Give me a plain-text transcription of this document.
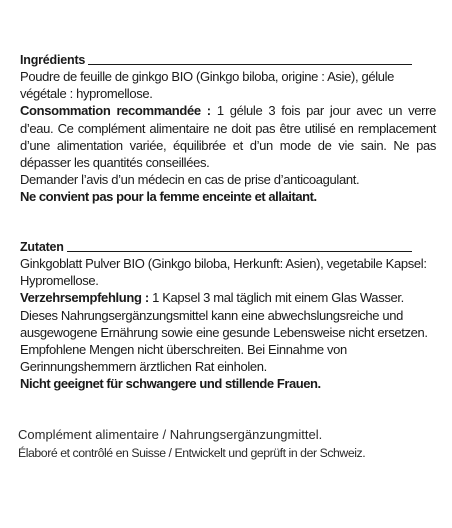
Ingrédients

Poudre de feuille de ginkgo BIO (Ginkgo biloba, origine : Asie), gélule végétale : hypromellose.

Consommation recommandée : 1 gélule 3 fois par jour avec un verre d’eau. Ce complément alimentaire ne doit pas être utilisé en remplacement d’une alimentation variée, équilibrée et d’un mode de vie sain. Ne pas dépasser les quantités conseillées.

Demander l’avis d’un médecin en cas de prise d’anticoagulant.

Ne convient pas pour la femme enceinte et allaitant.

Zutaten

Ginkgoblatt Pulver BIO (Ginkgo biloba, Herkunft: Asien), vegetabile Kapsel: Hypromellose.

Verzehrsempfehlung : 1 Kapsel 3 mal täglich mit einem Glas Wasser. Dieses Nahrungsergänzungsmittel kann eine abwechslungsreiche und ausgewogene Ernährung sowie eine gesunde Lebensweise nicht ersetzen. Empfohlene Mengen nicht überschreiten. Bei Einnahme von Gerinnungshemmern ärztlichen Rat einholen.

Nicht geeignet für schwangere und stillende Frauen.

Complément alimentaire / Nahrungsergänzungmittel.
Élaboré et contrôlé en Suisse / Entwickelt und geprüft in der Schweiz.
